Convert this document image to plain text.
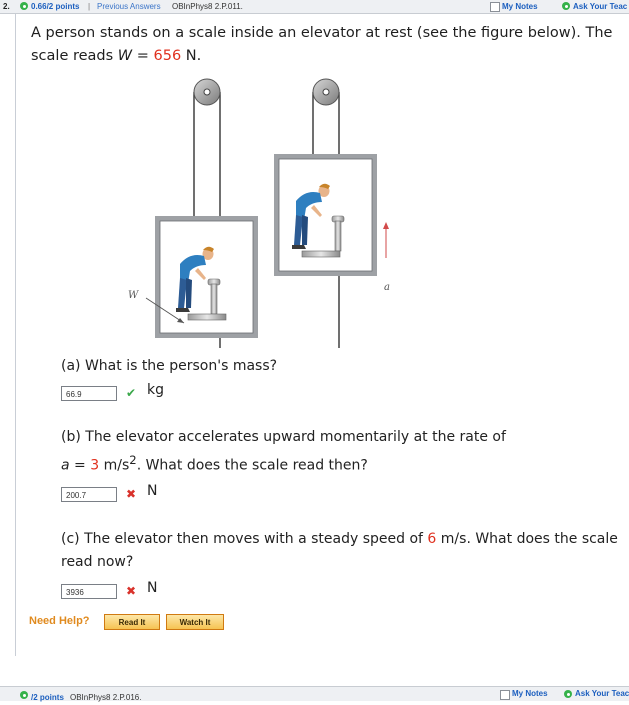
2.	0.66/2 points | Previous Answers OBInPhys8 2.P.011.	My Notes	Ask Your Teac
A person stands on a scale inside an elevator at rest (see the figure below). The scale reads W = 656 N.
W
a
(a) What is the person's mass?
66.9	✔ kg
(b) The elevator accelerates upward momentarily at the rate of
a = 3 $m/s^2$. What does the scale read then?
200.7	✖ N
(c) The elevator then moves with a steady speed of 6 m/s. What does the scale read now?
3936	✖ N
Need Help?	Read It	Watch It
/2 points OBInPhys8 2.P.016.	My Notes	Ask Your Teac
